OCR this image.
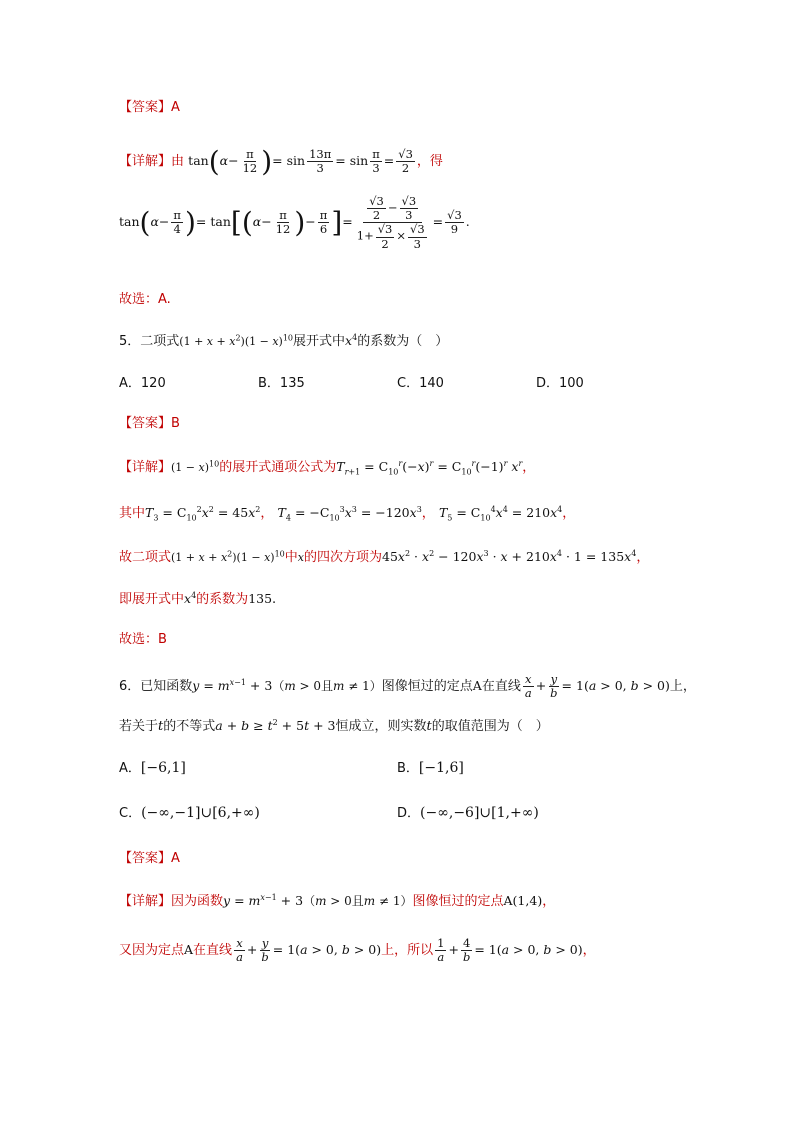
【答案】A
【详解】由 $\tan(\alpha- \frac{\pi}{12}$ )= $\sin \frac{13\pi}{3} = \sin \frac{\pi}{3} = \frac{√3}{2}$ ，得
$\tan(\alpha- \frac{\pi}{4}$ )= $\tan[(\alpha- \frac{\pi}{12}$ )− $\frac{\pi}{6}$ ]= $\frac{\frac{√3}{2} - \frac{√3}{3}}{1+ \frac{√3}{2} \times \frac{√3}{3}} = \frac{√3}{9}$ .
故选：A.
5．二项式$(1 + x + x^2)(1 - x)^{10}$展开式中$x^4$的系数为（　）
A．120	B．135	C．140	D．100
【答案】B
【详解】$(1 - x)^{10}$的展开式通项公式为$T_{r+1} = C_{10}^r(-x)^r = C_{10}^r(-1)^r$ $x^r$，
其中$T_3 = C_{10}^2x^2 = 45x^2$， $T_4 = -C_{10}^3x^3 = -120x^3$， $T_5 = C_{10}^4x^4 = 210x^4$，
故二项式$(1 + x + x^2)(1 - x)^{10}$中x的四次方项为$45x^2 \cdot x^2 - 120x^3 \cdot x + 210x^4 \cdot 1 = 135x^4$，
即展开式中$x^4$的系数为135.
故选：B
6．已知函数$y = m^{x-1} + 3(m > 0$且m ≠ 1）图像恒过的定点A在直线 $\frac{x}{a} + \frac{y}{b} = 1(a > 0$, b > 0)上，
若关于t的不等式$a + b \ge t^2 + 5t + 3$恒成立，则实数t的取值范围为（　）
A．[−6,1]	B．[−1,6]
C．(−∞,−1]∪[6,+∞)	D．(−∞,−6]∪[1,+∞)
【答案】A
【详解】因为函数$y = m^{x-1} + 3(m > 0$且m ≠ 1）图像恒过的定点A(1,4)，
又因为定点A在直线 $\frac{x}{a} + \frac{y}{b} = 1(a > 0$, b > 0)上，所以 $\frac{1}{a} + \frac{4}{b} = 1(a > 0$, b > 0)，
